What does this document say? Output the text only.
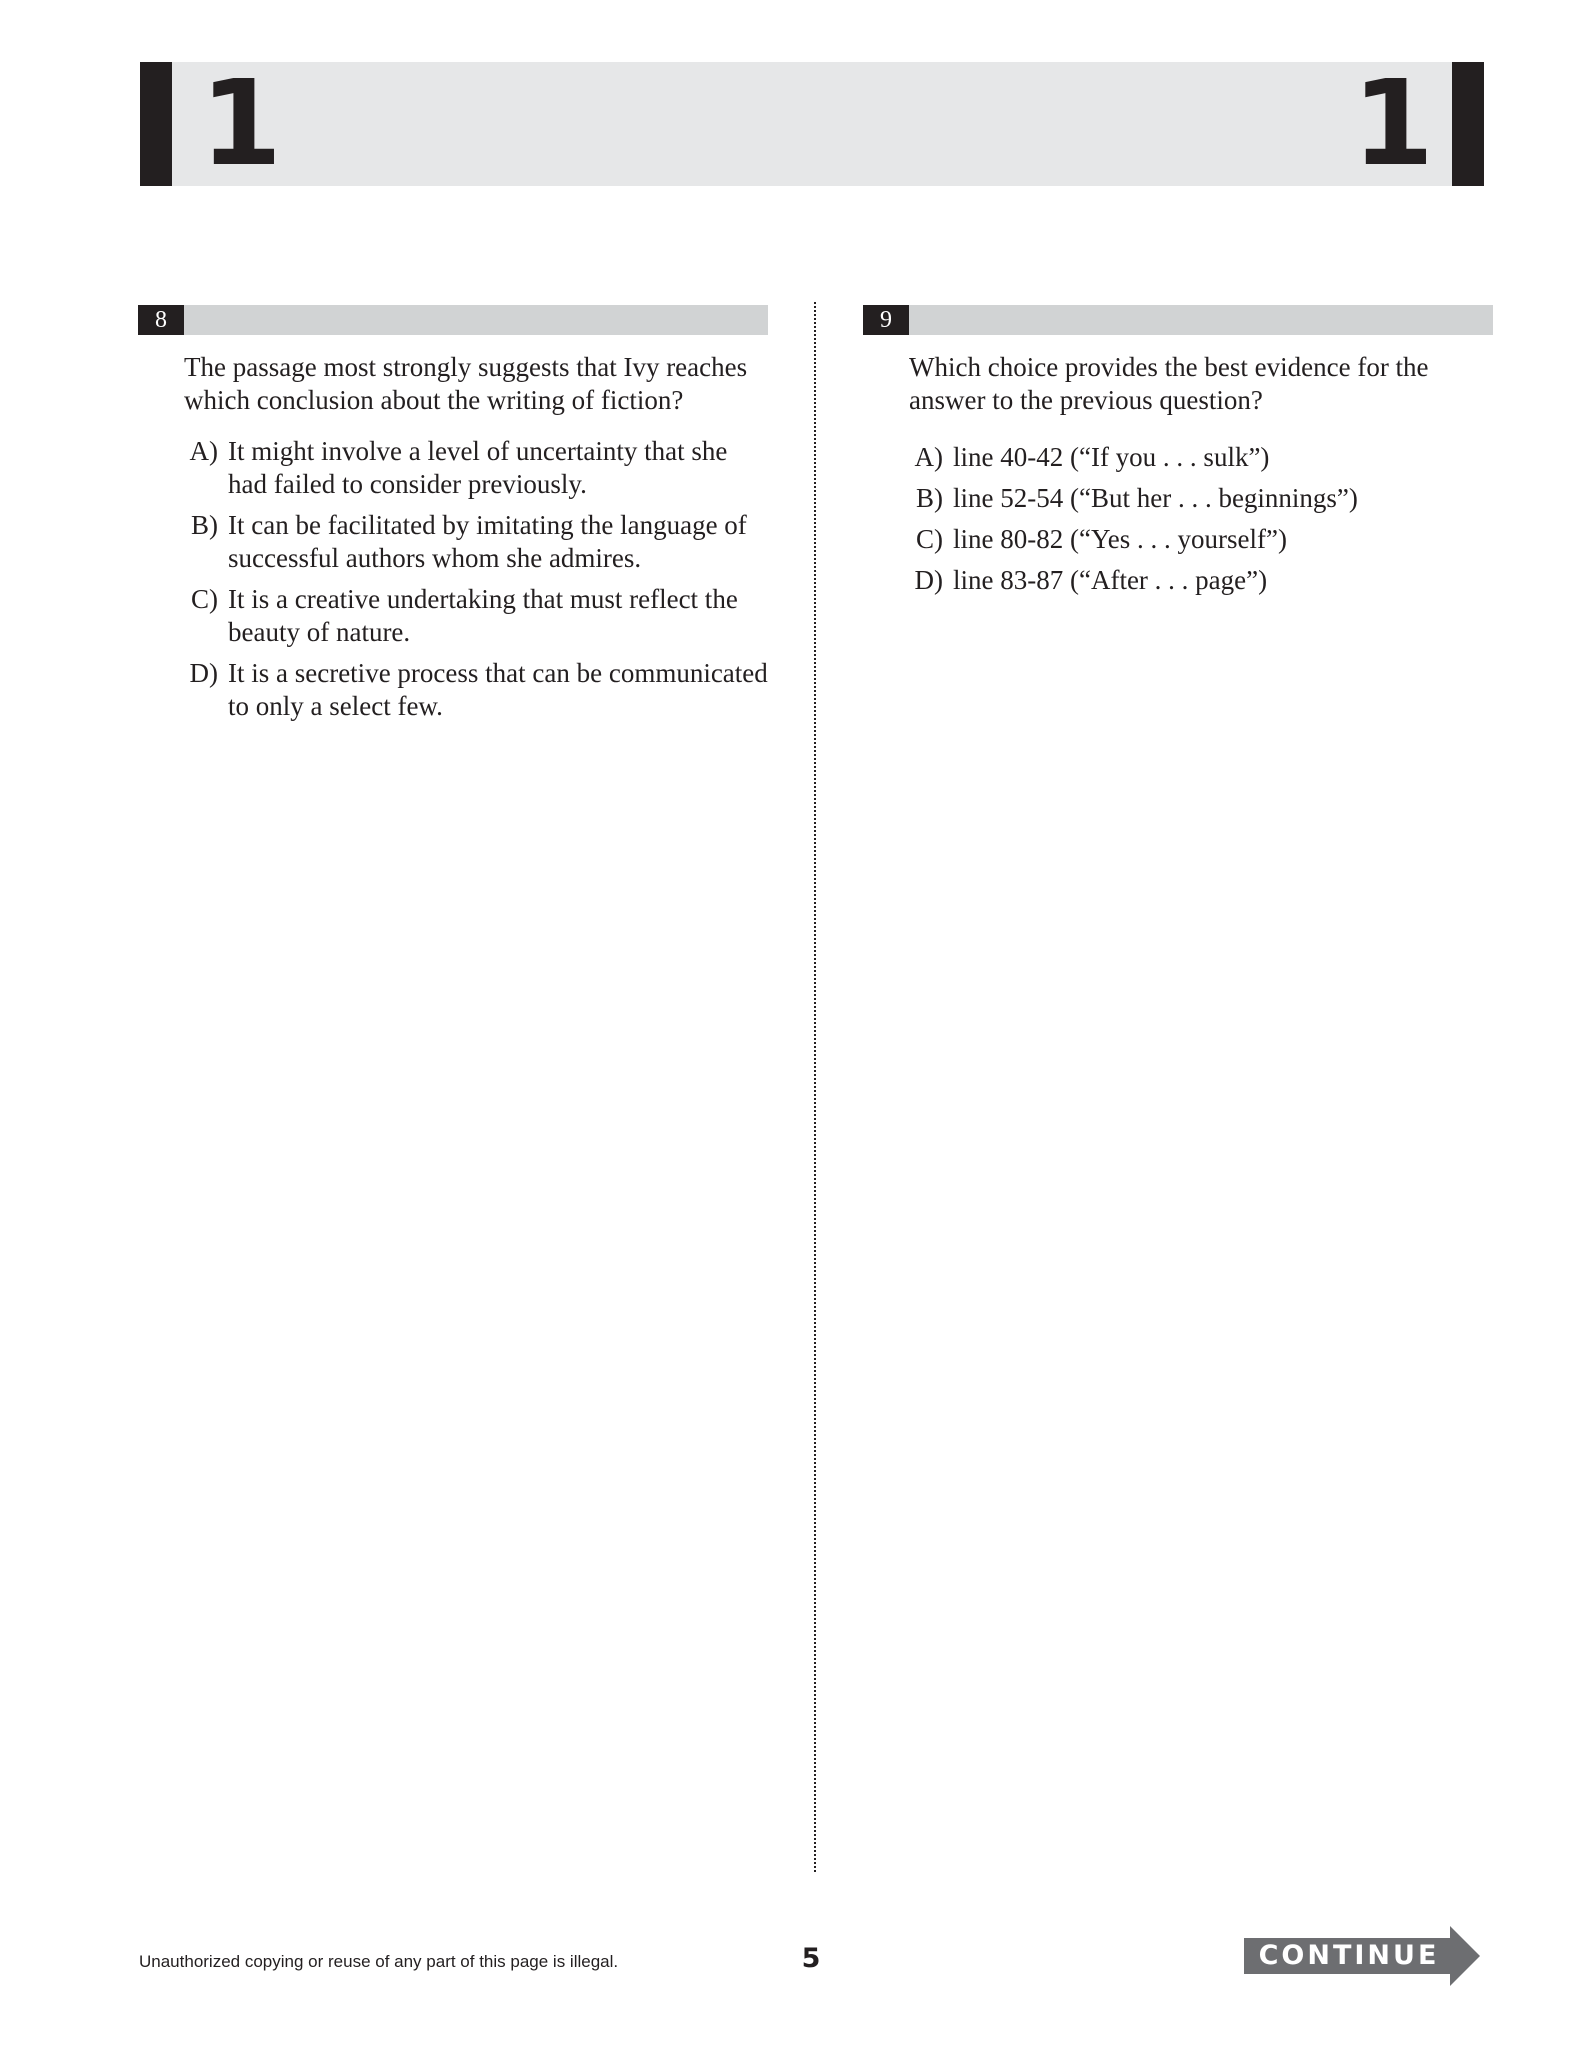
1	1
8
The passage most strongly suggests that Ivy reaches which conclusion about the writing of fiction?
A) It might involve a level of uncertainty that she had failed to consider previously.
B) It can be facilitated by imitating the language of successful authors whom she admires.
C) It is a creative undertaking that must reflect the beauty of nature.
D) It is a secretive process that can be communicated to only a select few.
9
Which choice provides the best evidence for the answer to the previous question?
A) line 40-42 (“If you . . . sulk”)
B) line 52-54 (“But her . . . beginnings”)
C) line 80-82 (“Yes . . . yourself”)
D) line 83-87 (“After . . . page”)
Unauthorized copying or reuse of any part of this page is illegal.	5	CONTINUE
